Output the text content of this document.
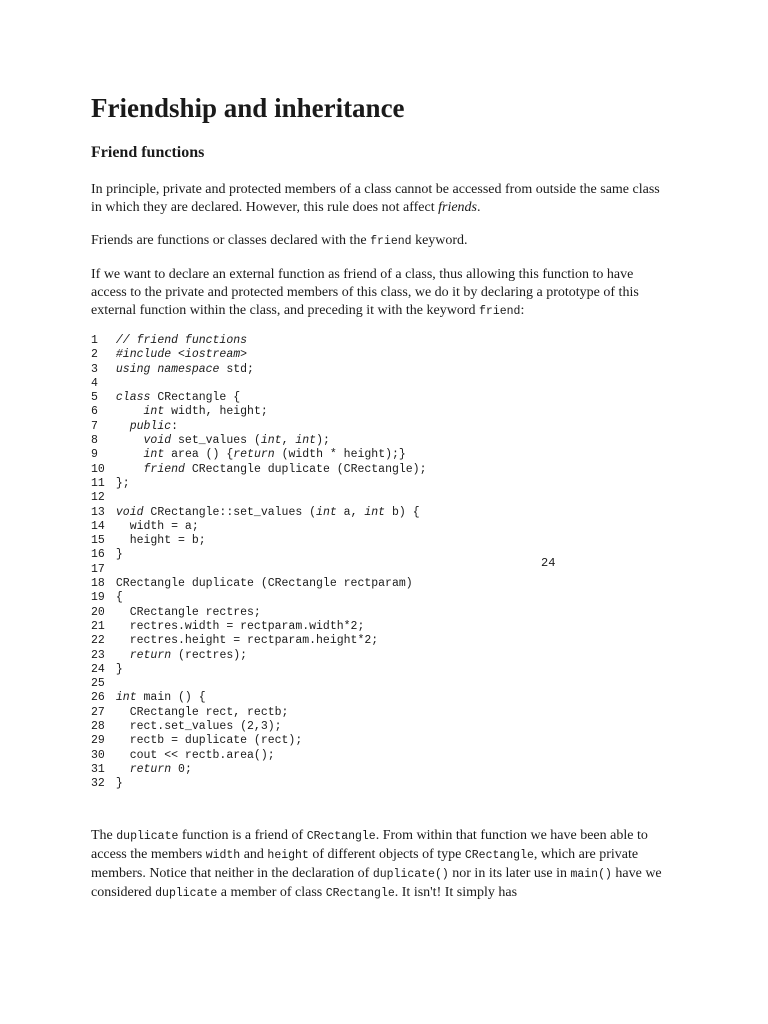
Friendship and inheritance
Friend functions

In principle, private and protected members of a class cannot be accessed from outside the same class in which they are declared. However, this rule does not affect friends.

Friends are functions or classes declared with the friend keyword.

If we want to declare an external function as friend of a class, thus allowing this function to have access to the private and protected members of this class, we do it by declaring a prototype of this external function within the class, and preceding it with the keyword friend:

1 // friend functions
2 #include <iostream>
3 using namespace std;
4
5 class CRectangle {
6	int width, height;
7	public:
8	void set_values (int, int);
9	int area () {return (width * height);}
10	friend CRectangle duplicate (CRectangle);
11 };
12
13 void CRectangle::set_values (int a, int b) {
14   width = a;
15   height = b;
16 }
17
18 CRectangle duplicate (CRectangle rectparam)
19 {
20   CRectangle rectres;
21   rectres.width = rectparam.width*2;
22   rectres.height = rectparam.height*2;
23 return (rectres);
24 }
25
26 int main () {
27   CRectangle rect, rectb;
28   rect.set_values (2,3);
29   rectb = duplicate (rect);
30   cout << rectb.area();
31 return 0;
32 }
24

The duplicate function is a friend of CRectangle. From within that function we have been able to access the members width and height of different objects of type CRectangle, which are private members. Notice that neither in the declaration of duplicate() nor in its later use in main() have we considered duplicate a member of class CRectangle. It isn't! It simply has
